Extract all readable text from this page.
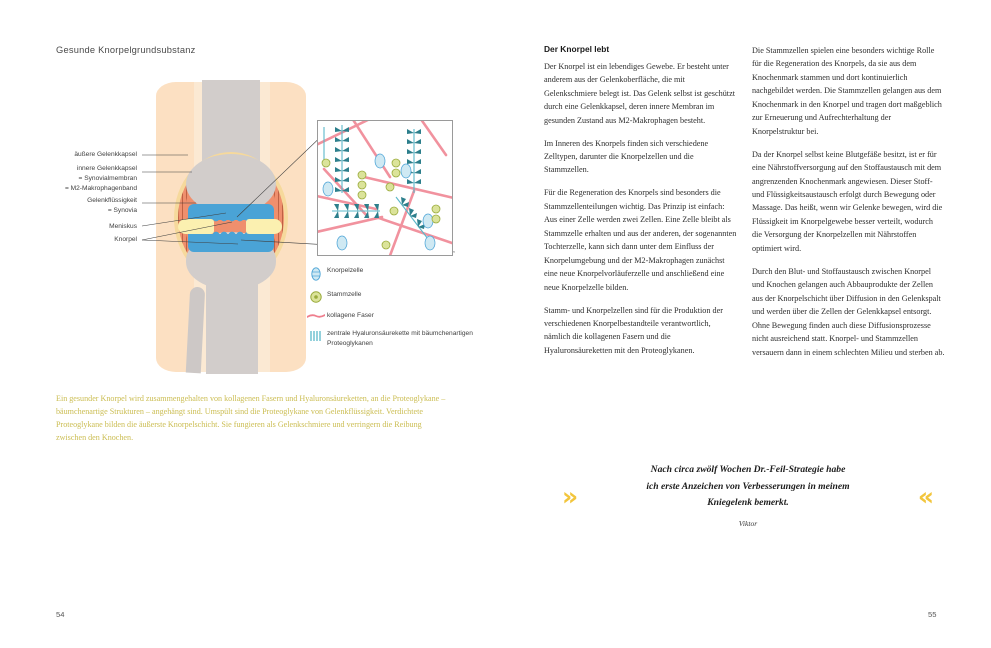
Gesunde Knorpelgrundsubstanz
äußere Gelenkkapsel
innere Gelenkkapsel
= Synovialmembran
= M2-Makrophagenband
Gelenkflüssigkeit
= Synovia
Meniskus
Knorpel
Knorpelzelle
Stammzelle
kollagene Faser
zentrale Hyaluronsäurekette mit bäumchenartigen Proteoglykanen
Ein gesunder Knorpel wird zusammengehalten von kollagenen Fasern und Hyaluronsäureketten, an die Proteoglykane – bäumchenartige Strukturen – angehängt sind. Umspült sind die Proteoglykane von Gelenkflüssigkeit. Verdichtete Proteoglykane bilden die äußerste Knorpelschicht. Sie fungieren als Gelenkschmiere und verringern die Reibung zwischen den Knochen.
54
Der Knorpel lebt

Der Knorpel ist ein lebendiges Gewebe. Er besteht unter anderem aus der Gelenkoberfläche, die mit Gelenkschmiere belegt ist. Das Gelenk selbst ist geschützt durch eine Gelenkkapsel, deren innere Membran im gesunden Zustand aus M2-Makrophagen besteht.

Im Inneren des Knorpels finden sich verschiedene Zelltypen, darunter die Knorpelzellen und die Stammzellen.

Für die Regeneration des Knorpels sind besonders die Stammzellenteilungen wichtig. Das Prinzip ist einfach: Aus einer Zelle werden zwei Zellen. Eine Zelle bleibt als Stammzelle erhalten und aus der anderen, der sogenannten Tochterzelle, kann sich dann unter dem Einfluss der Knorpelumgebung und der M2-Makrophagen zunächst eine neue Knorpelvorläuferzelle und anschließend eine neue Knorpelzelle bilden.

Stamm- und Knorpelzellen sind für die Produktion der verschiedenen Knorpelbestandteile verantwortlich, nämlich die kollagenen Fasern und die Hyaluronsäureketten mit den Proteoglykanen.

Die Stammzellen spielen eine besonders wichtige Rolle für die Regeneration des Knorpels, da sie aus dem Knochenmark stammen und dort kontinuierlich nachgebildet werden. Die Stammzellen gelangen aus dem Knochenmark in den Knorpel und tragen dort maßgeblich zur Erneuerung und Aufrechterhaltung der Knorpelstruktur bei.

Da der Knorpel selbst keine Blutgefäße besitzt, ist er für eine Nährstoffversorgung auf den Stoffaustausch mit dem angrenzenden Knochenmark angewiesen. Dieser Stoff- und Flüssigkeitsaustausch erfolgt durch Bewegung oder Massage. Das heißt, wenn wir Gelenke bewegen, wird die Flüssigkeit im Knorpelgewebe besser verteilt, wodurch die Versorgung der Knorpelzellen mit Nährstoffen optimiert wird.

Durch den Blut- und Stoffaustausch zwischen Knorpel und Knochen gelangen auch Abbauprodukte der Zellen aus der Knorpelschicht über Diffusion in den Gelenkspalt und werden über die Zellen der Gelenkkapsel entsorgt. Ohne Bewegung finden auch diese Diffusionsprozesse nicht ausreichend statt. Knorpel- und Stammzellen versauern dann in einem schlechten Milieu und sterben ab.

»	«
Nach circa zwölf Wochen Dr.-Feil-Strategie habe
ich erste Anzeichen von Verbesserungen in meinem
Kniegelenk bemerkt.
Viktor
55
